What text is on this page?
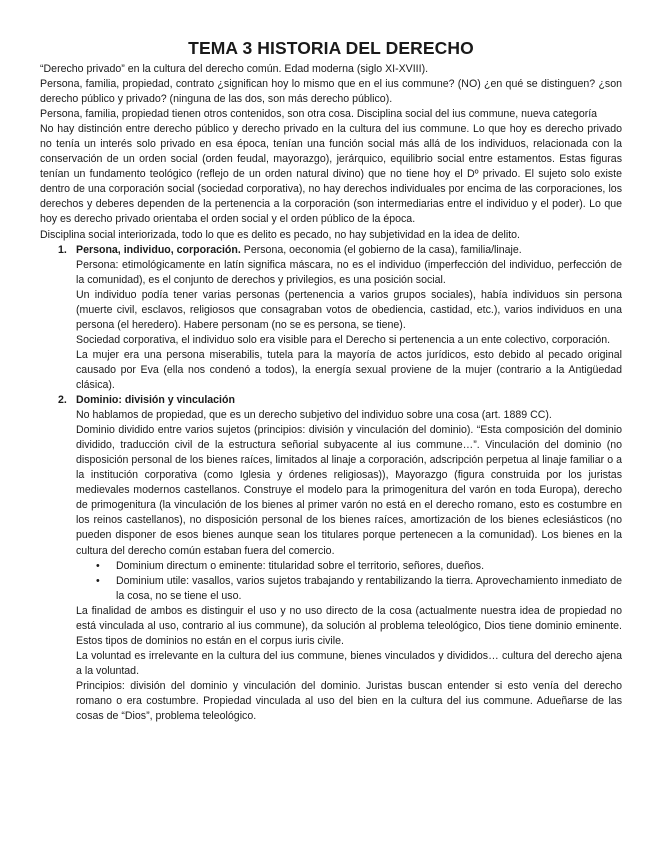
TEMA 3 HISTORIA DEL DERECHO

“Derecho privado” en la cultura del derecho común. Edad moderna (siglo XI-XVIII).

Persona, familia, propiedad, contrato ¿significan hoy lo mismo que en el ius commune? (NO) ¿en qué se distinguen? ¿son derecho público y privado? (ninguna de las dos, son más derecho público).

Persona, familia, propiedad tienen otros contenidos, son otra cosa. Disciplina social del ius commune, nueva categoría

No hay distinción entre derecho público y derecho privado en la cultura del ius commune. Lo que hoy es derecho privado no tenía un interés solo privado en esa época, tenían una función social más allá de los individuos, relacionada con la conservación de un orden social (orden feudal, mayorazgo), jerárquico, equilibrio social entre estamentos. Estas figuras tenían un fundamento teológico (reflejo de un orden natural divino) que no tiene hoy el Dº privado. El sujeto solo existe dentro de una corporación social (sociedad corporativa), no hay derechos individuales por encima de las corporaciones, los derechos y deberes dependen de la pertenencia a la corporación (son intermediarias entre el individuo y el poder). Lo que hoy es derecho privado orientaba el orden social y el orden público de la época.

Disciplina social interiorizada, todo lo que es delito es pecado, no hay subjetividad en la idea de delito.

1. Persona, individuo, corporación. Persona, oeconomia (el gobierno de la casa), familia/linaje.

Persona: etimológicamente en latín significa máscara, no es el individuo (imperfección del individuo, perfección de la comunidad), es el conjunto de derechos y privilegios, es una posición social.

Un individuo podía tener varias personas (pertenencia a varios grupos sociales), había individuos sin persona (muerte civil, esclavos, religiosos que consagraban votos de obediencia, castidad, etc.), varios individuos en una persona (el heredero). Habere personam (no se es persona, se tiene).

Sociedad corporativa, el individuo solo era visible para el Derecho si pertenencia a un ente colectivo, corporación.

La mujer era una persona miserabilis, tutela para la mayoría de actos jurídicos, esto debido al pecado original causado por Eva (ella nos condenó a todos), la energía sexual proviene de la mujer (contrario a la Antigüedad clásica).

2. Dominio: división y vinculación

No hablamos de propiedad, que es un derecho subjetivo del individuo sobre una cosa (art. 1889 CC).

Dominio dividido entre varios sujetos (principios: división y vinculación del dominio). “Esta composición del dominio dividido, traducción civil de la estructura señorial subyacente al ius commune…”. Vinculación del dominio (no disposición personal de los bienes raíces, limitados al linaje a corporación, adscripción perpetua al linaje familiar o a la institución corporativa (como Iglesia y órdenes religiosas)), Mayorazgo (figura construida por los juristas medievales modernos castellanos. Construye el modelo para la primogenitura del varón en toda Europa), derecho de primogenitura (la vinculación de los bienes al primer varón no está en el derecho romano, esto es costumbre en los reinos castellanos), no disposición personal de los bienes raíces, amortización de los bienes eclesiásticos (no pueden disponer de esos bienes aunque sean los titulares porque pertenecen a la comunidad). Los bienes en la cultura del derecho común estaban fuera del comercio.

• Dominium directum o eminente: titularidad sobre el territorio, señores, dueños.
• Dominium utile: vasallos, varios sujetos trabajando y rentabilizando la tierra. Aprovechamiento inmediato de la cosa, no se tiene el uso.

La finalidad de ambos es distinguir el uso y no uso directo de la cosa (actualmente nuestra idea de propiedad no está vinculada al uso, contrario al ius commune), da solución al problema teleológico, Dios tiene dominio eminente. Estos tipos de dominios no están en el corpus iuris civile.

La voluntad es irrelevante en la cultura del ius commune, bienes vinculados y divididos… cultura del derecho ajena a la voluntad.

Principios: división del dominio y vinculación del dominio. Juristas buscan entender si esto venía del derecho romano o era costumbre. Propiedad vinculada al uso del bien en la cultura del ius commune. Adueñarse de las cosas de “Dios”, problema teleológico.
